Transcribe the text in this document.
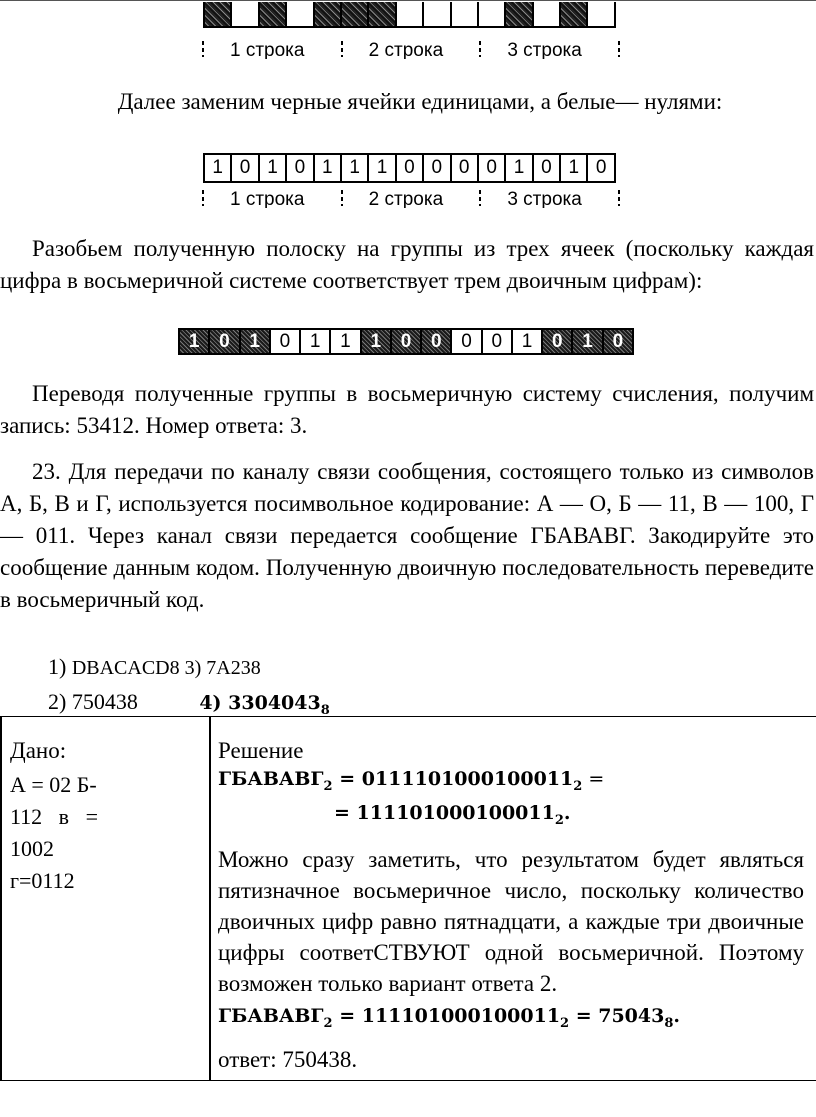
1 строка	2 строка	3 строка
Далее заменим черные ячейки единицами, а белые— нулями:
1 0 1 0 1 1 1 0 0 0 0 1 0 1 0
1 строка	2 строка	3 строка
Разобьем полученную полоску на группы из трех ячеек (поскольку каждая цифра в восьмеричной системе соответствует трем двоичным цифрам):
1	0	1	0	1	1	1	0	0	0	0	1	0	1	0
Переводя полученные группы в восьмеричную систему счисления, получим запись: 53412. Номер ответа: 3.
23. Для передачи по каналу связи сообщения, состоящего только из символов А, Б, В и Г, используется посимвольное кодирование: А — О, Б — 11, В — 100, Г — 011. Через канал связи передается сообщение ГБАВАВГ. Закодируйте это сообщение данным кодом. Полученную двоичную последовательность переведите в восьмеричный код.
1) DBACACD8 3) 7A238
2) 750438	4) $3304043_8$
Дано:
А = 02 Б-
112   в   =
1002
г=0112
Решение
$ГБАВАВГ_2 = 0111101000100011_2$ =
= $111101000100011_2$.
Можно сразу заметить, что результатом будет являться пятизначное восьмеричное число, поскольку количество двоичных цифр равно пятнадцати, а каждые три двоичные цифры соответСТВУЮТ одной восьмеричной. Поэтому возможен только вариант ответа 2.
$ГБАВАВГ_2 = 111101000100011_2 = 75043_8$.
ответ: 750438.
